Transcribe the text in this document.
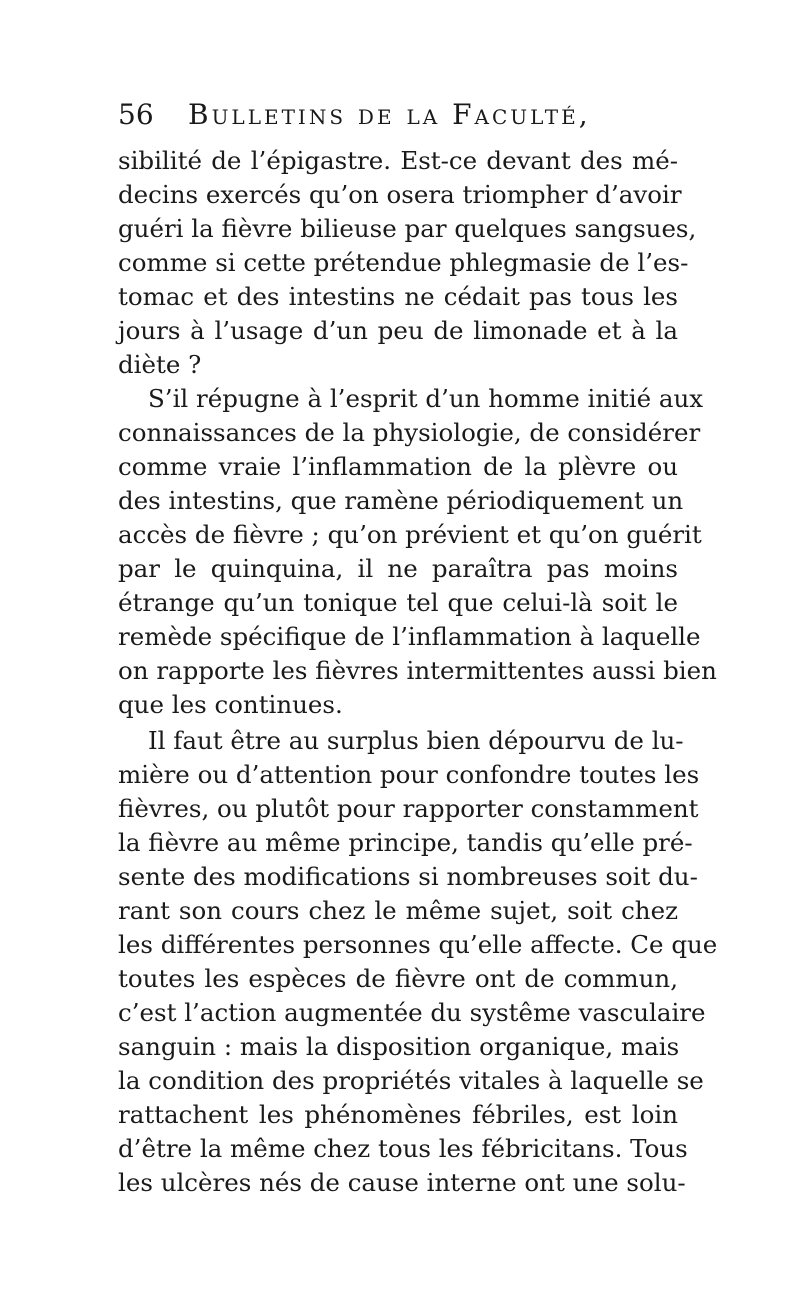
56 Bulletins de la Faculté,
sibilité de l’épigastre. Est-ce devant des mé-
decins exercés qu’on osera triompher d’avoir
guéri la fièvre bilieuse par quelques sangsues,
comme si cette prétendue phlegmasie de l’es-
tomac et des intestins ne cédait pas tous les
jours à l’usage d’un peu de limonade et à la
diète ?
S’il répugne à l’esprit d’un homme initié aux
connaissances de la physiologie, de considérer
comme vraie l’inflammation de la plèvre ou
des intestins, que ramène périodiquement un
accès de fièvre ; qu’on prévient et qu’on guérit
par le quinquina, il ne paraîtra pas moins
étrange qu’un tonique tel que celui-là soit le
remède spécifique de l’inflammation à laquelle
on rapporte les fièvres intermittentes aussi bien
que les continues.
Il faut être au surplus bien dépourvu de lu-
mière ou d’attention pour confondre toutes les
fièvres, ou plutôt pour rapporter constamment
la fièvre au même principe, tandis qu’elle pré-
sente des modifications si nombreuses soit du-
rant son cours chez le même sujet, soit chez
les différentes personnes qu’elle affecte. Ce que
toutes les espèces de fièvre ont de commun,
c’est l’action augmentée du systême vasculaire
sanguin : mais la disposition organique, mais
la condition des propriétés vitales à laquelle se
rattachent les phénomènes fébriles, est loin
d’être la même chez tous les fébricitans. Tous
les ulcères nés de cause interne ont une solu-
